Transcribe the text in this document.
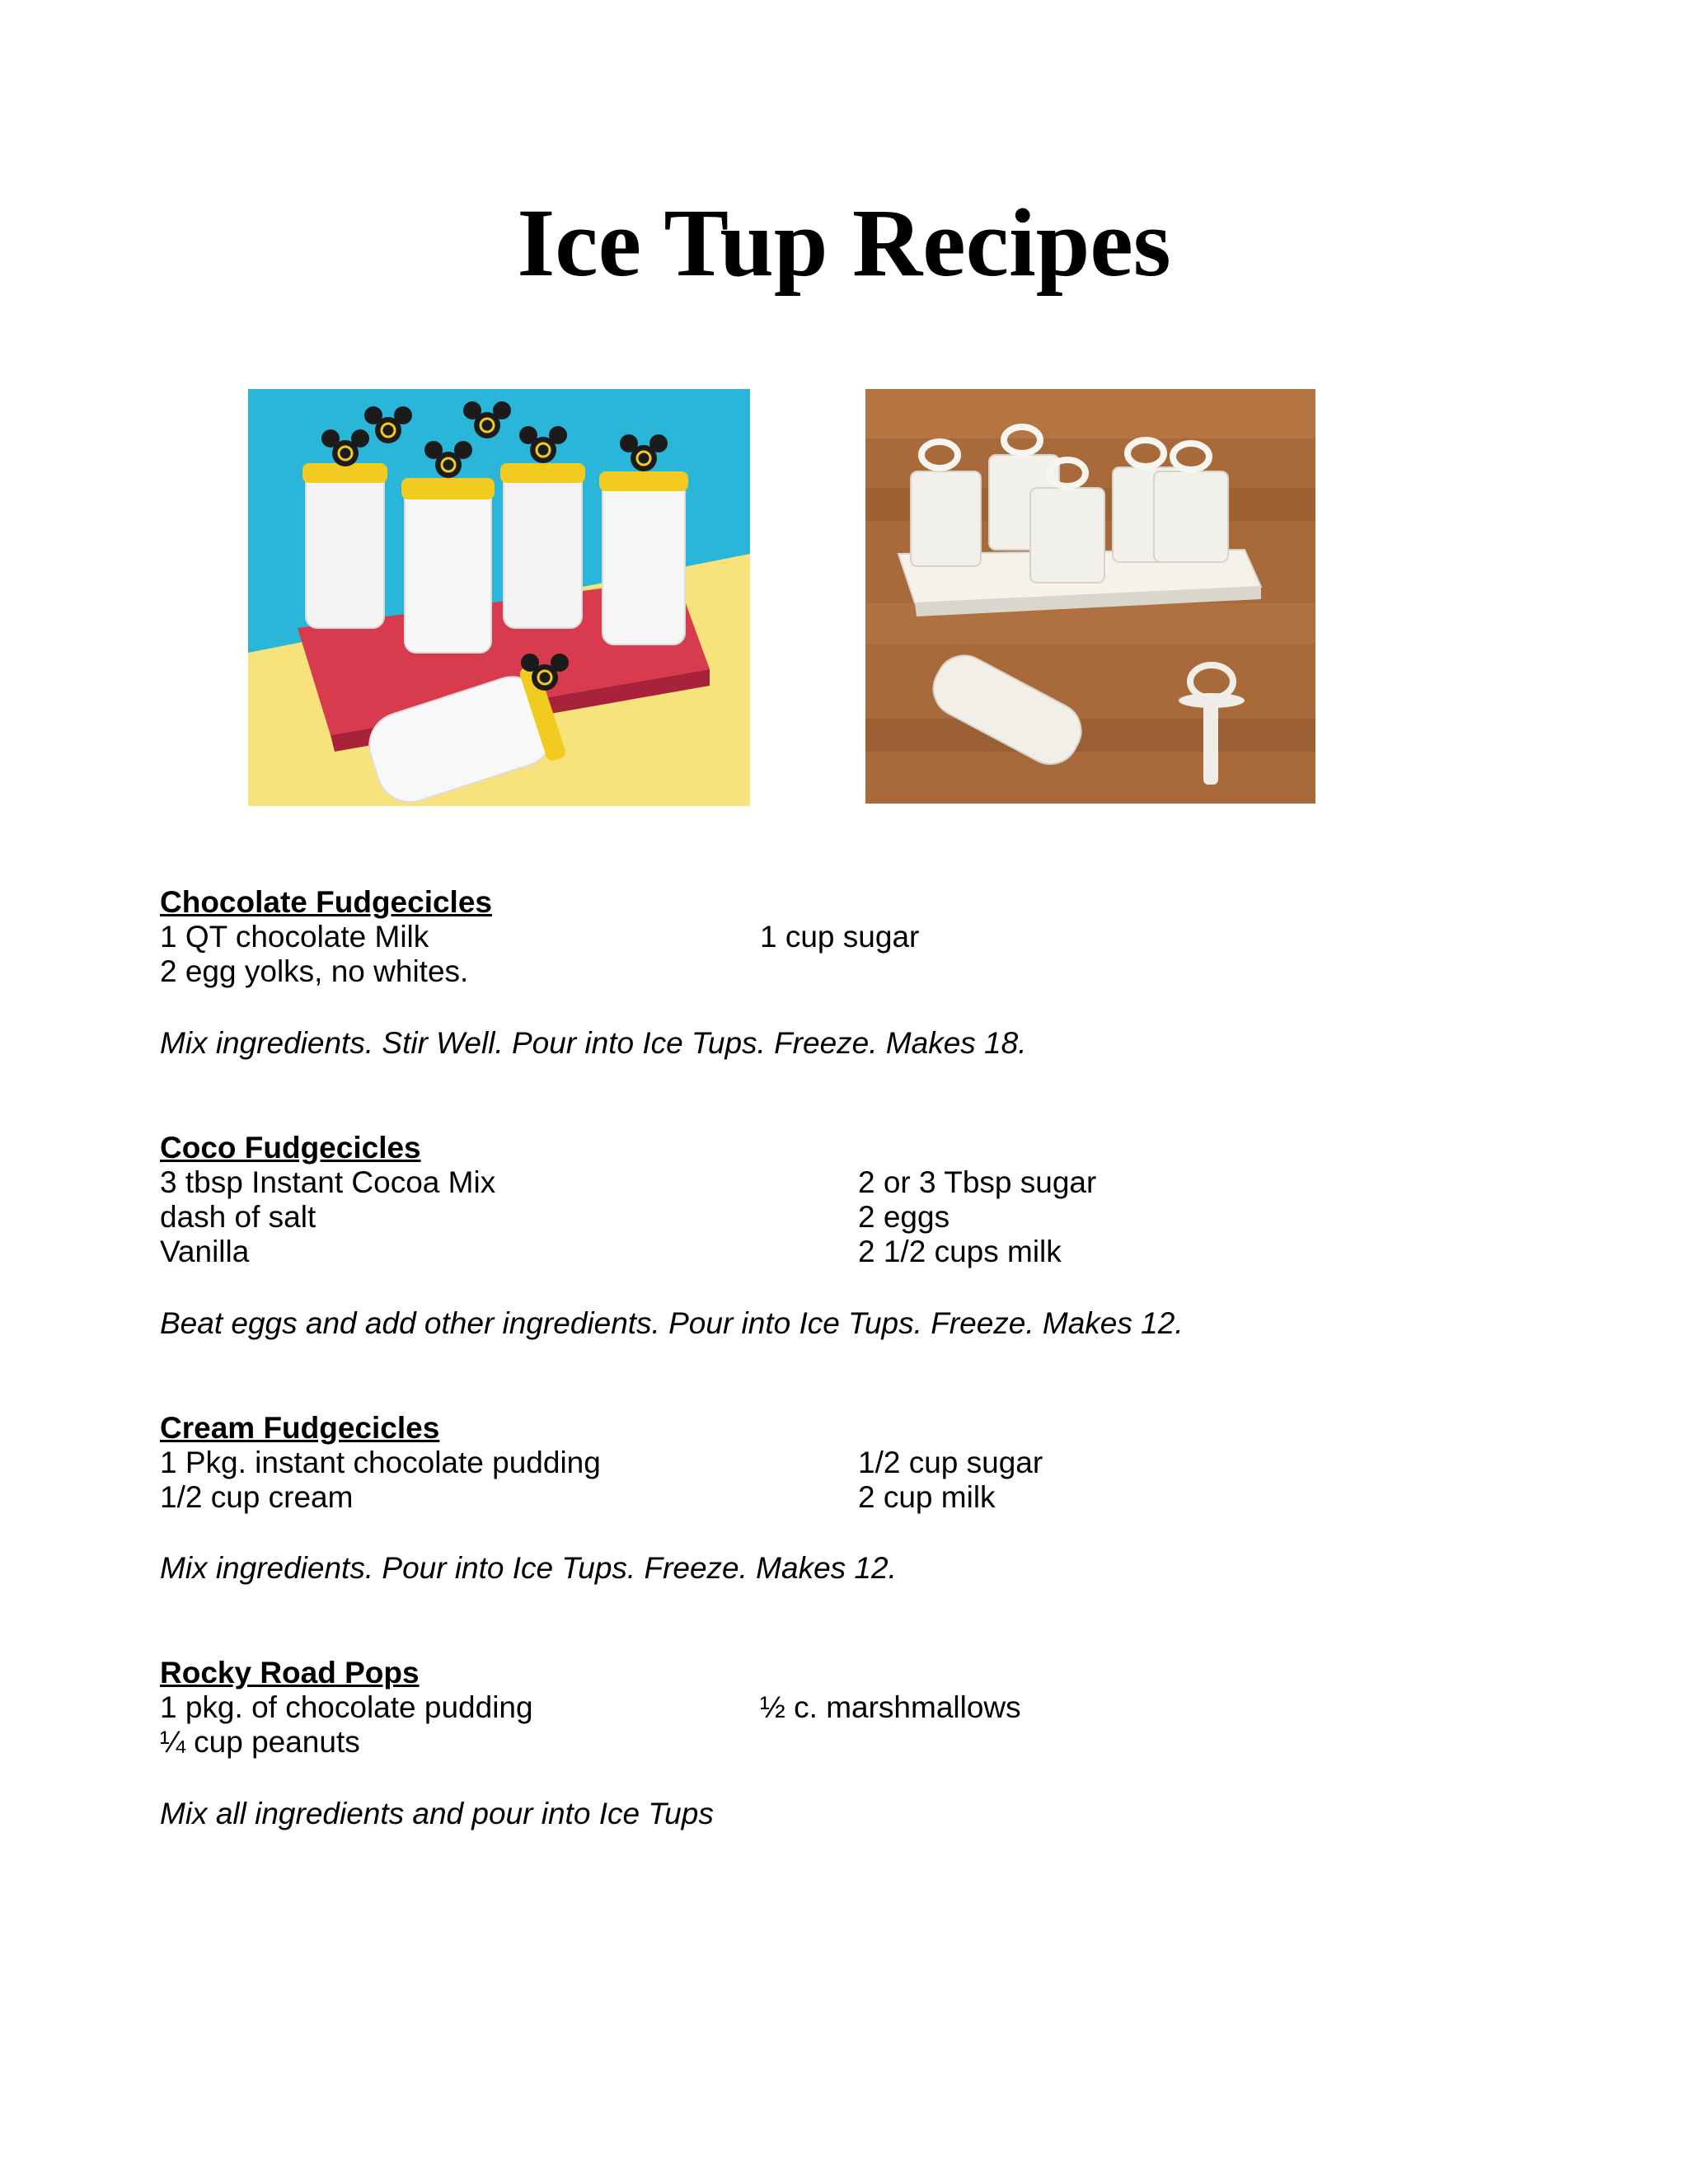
Ice Tup Recipes
Chocolate Fudgecicles

1 QT chocolate Milk	1 cup sugar

2 egg yolks, no whites.

Mix ingredients. Stir Well. Pour into Ice Tups. Freeze. Makes 18.

Coco Fudgecicles

3 tbsp Instant Cocoa Mix	2 or 3 Tbsp sugar

dash of salt	2 eggs

Vanilla	2 1/2 cups milk

Beat eggs and add other ingredients. Pour into Ice Tups. Freeze. Makes 12.

Cream Fudgecicles

1 Pkg. instant chocolate pudding	1/2 cup sugar

1/2 cup cream	2 cup milk

Mix ingredients. Pour into Ice Tups. Freeze. Makes 12.

Rocky Road Pops

1 pkg. of chocolate pudding	½ c. marshmallows

¼ cup peanuts

Mix all ingredients and pour into Ice Tups
